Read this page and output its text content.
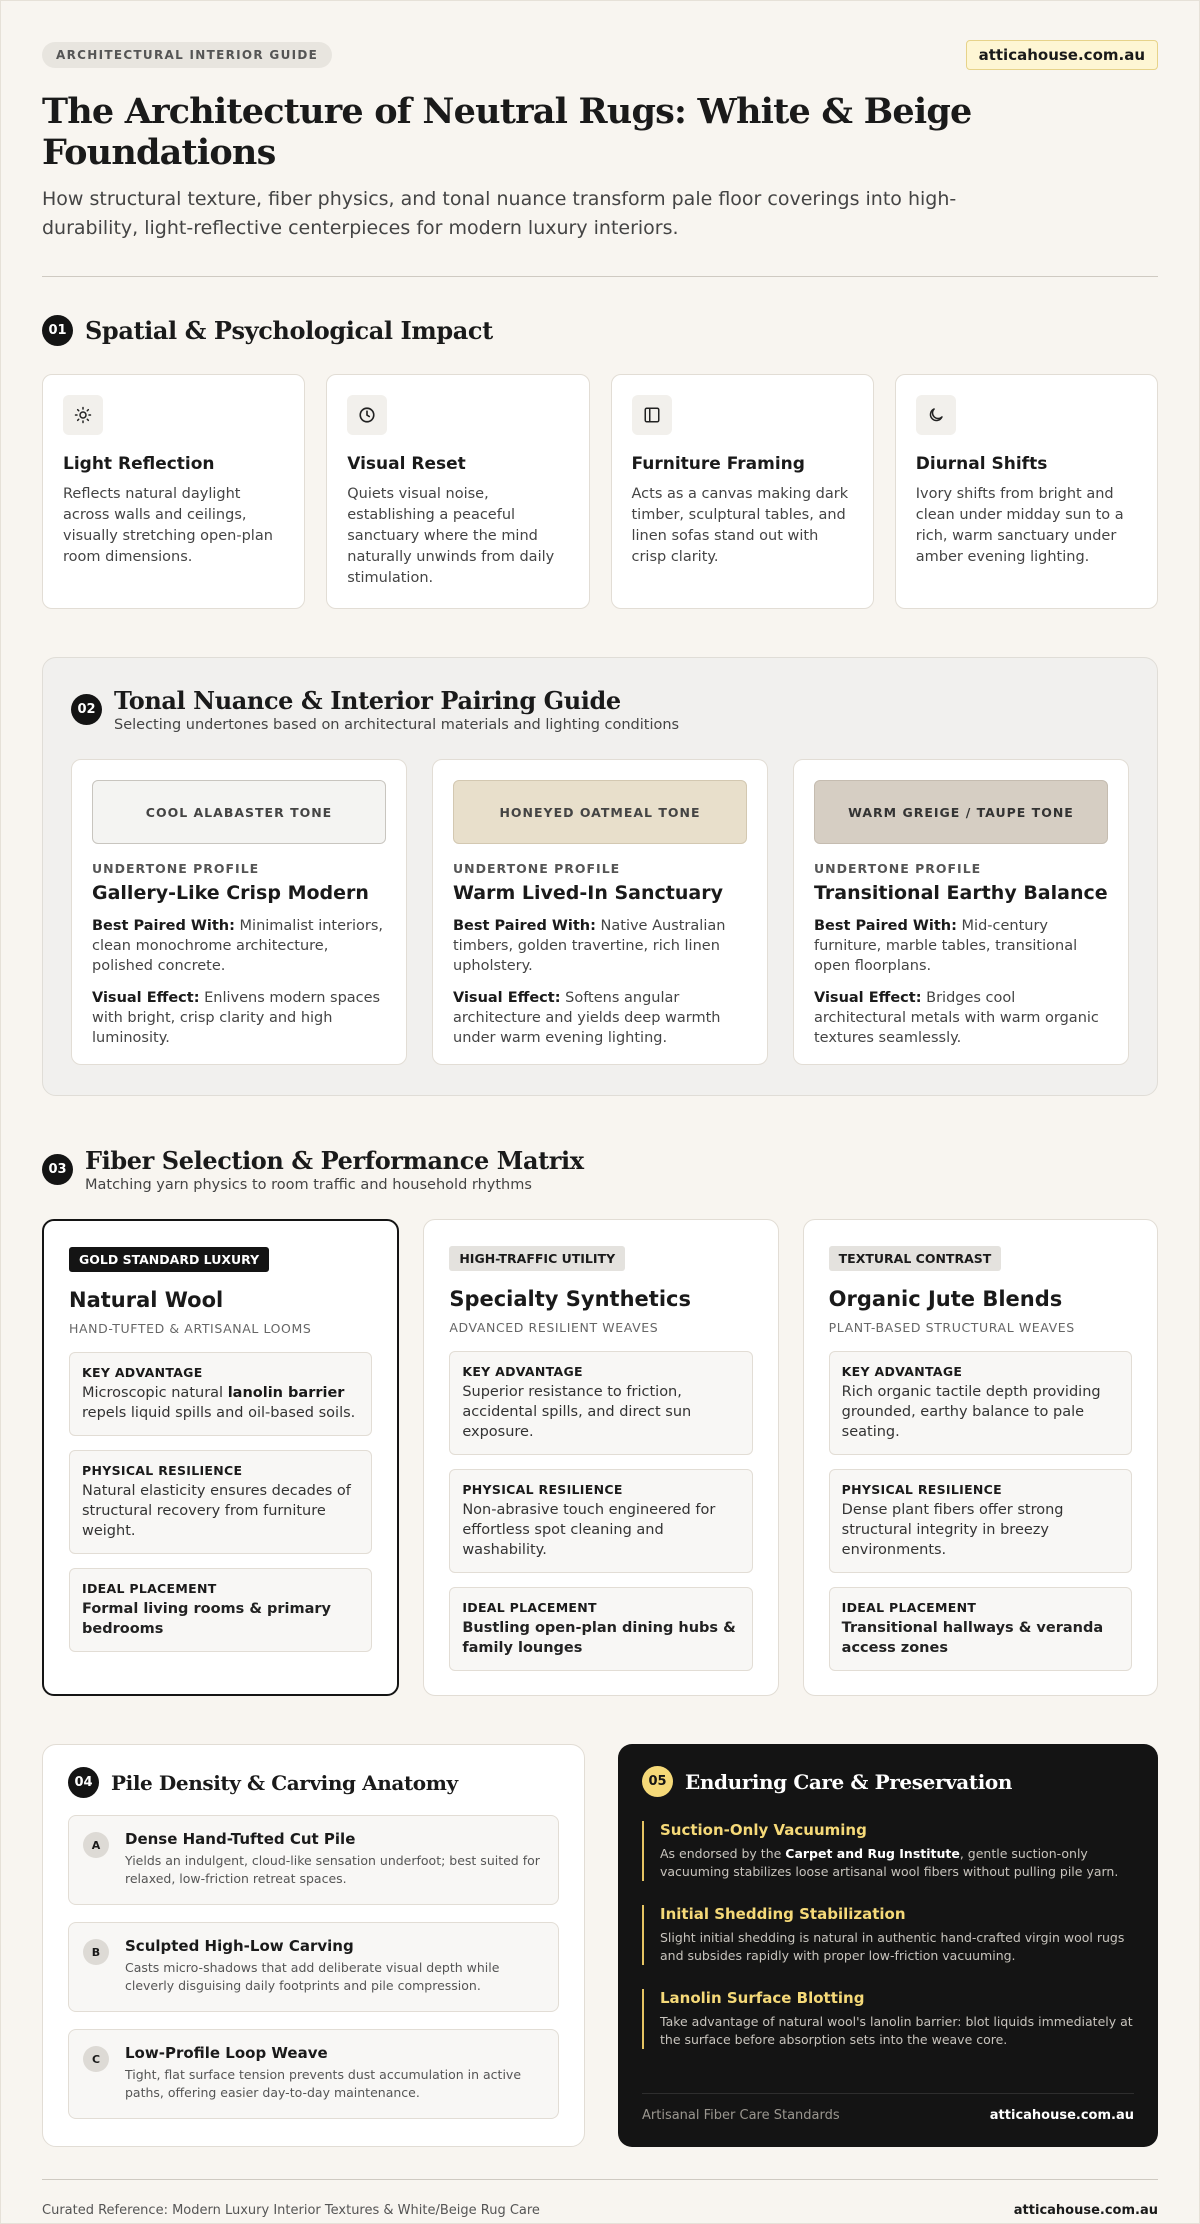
ARCHITECTURAL INTERIOR GUIDE	atticahouse.com.au
The Architecture of Neutral Rugs: White & Beige Foundations

How structural texture, fiber physics, and tonal nuance transform pale floor coverings into high-durability, light-reflective centerpieces for modern luxury interiors.

01 Spatial & Psychological Impact
Light Reflection

Reflects natural daylight across walls and ceilings, visually stretching open-plan room dimensions.

Visual Reset

Quiets visual noise, establishing a peaceful sanctuary where the mind naturally unwinds from daily stimulation.

Furniture Framing

Acts as a canvas making dark timber, sculptural tables, and linen sofas stand out with crisp clarity.

Diurnal Shifts

Ivory shifts from bright and clean under midday sun to a rich, warm sanctuary under amber evening lighting.

02 Tonal Nuance & Interior Pairing Guide

Selecting undertones based on architectural materials and lighting conditions

COOL ALABASTER TONE
UNDERTONE PROFILE
Gallery-Like Crisp Modern

Best Paired With: Minimalist interiors, clean monochrome architecture, polished concrete.

Visual Effect: Enlivens modern spaces with bright, crisp clarity and high luminosity.

HONEYED OATMEAL TONE
UNDERTONE PROFILE
Warm Lived-In Sanctuary

Best Paired With: Native Australian timbers, golden travertine, rich linen upholstery.

Visual Effect: Softens angular architecture and yields deep warmth under warm evening lighting.

WARM GREIGE / TAUPE TONE
UNDERTONE PROFILE
Transitional Earthy Balance

Best Paired With: Mid-century furniture, marble tables, transitional open floorplans.

Visual Effect: Bridges cool architectural metals with warm organic textures seamlessly.

03 Fiber Selection & Performance Matrix

Matching yarn physics to room traffic and household rhythms

GOLD STANDARD LUXURY
Natural Wool
HAND-TUFTED & ARTISANAL LOOMS
KEY ADVANTAGE
Microscopic natural lanolin barrier repels liquid spills and oil-based soils.
PHYSICAL RESILIENCE
Natural elasticity ensures decades of structural recovery from furniture weight.
IDEAL PLACEMENT
Formal living rooms & primary bedrooms
HIGH-TRAFFIC UTILITY
Specialty Synthetics
ADVANCED RESILIENT WEAVES
KEY ADVANTAGE
Superior resistance to friction, accidental spills, and direct sun exposure.
PHYSICAL RESILIENCE
Non-abrasive touch engineered for effortless spot cleaning and washability.
IDEAL PLACEMENT
Bustling open-plan dining hubs & family lounges
TEXTURAL CONTRAST
Organic Jute Blends
PLANT-BASED STRUCTURAL WEAVES
KEY ADVANTAGE
Rich organic tactile depth providing grounded, earthy balance to pale seating.
PHYSICAL RESILIENCE
Dense plant fibers offer strong structural integrity in breezy environments.
IDEAL PLACEMENT
Transitional hallways & veranda access zones
04 Pile Density & Carving Anatomy
A	Dense Hand-Tufted Cut Pile

Yields an indulgent, cloud-like sensation underfoot; best suited for relaxed, low-friction retreat spaces.

B	Sculpted High-Low Carving

Casts micro-shadows that add deliberate visual depth while cleverly disguising daily footprints and pile compression.

C	Low-Profile Loop Weave

Tight, flat surface tension prevents dust accumulation in active paths, offering easier day-to-day maintenance.

05 Enduring Care & Preservation
Suction-Only Vacuuming

As endorsed by the Carpet and Rug Institute, gentle suction-only vacuuming stabilizes loose artisanal wool fibers without pulling pile yarn.

Initial Shedding Stabilization

Slight initial shedding is natural in authentic hand-crafted virgin wool rugs and subsides rapidly with proper low-friction vacuuming.

Lanolin Surface Blotting

Take advantage of natural wool's lanolin barrier: blot liquids immediately at the surface before absorption sets into the weave core.

Artisanal Fiber Care Standards	atticahouse.com.au
Curated Reference: Modern Luxury Interior Textures & White/Beige Rug Care	atticahouse.com.au
